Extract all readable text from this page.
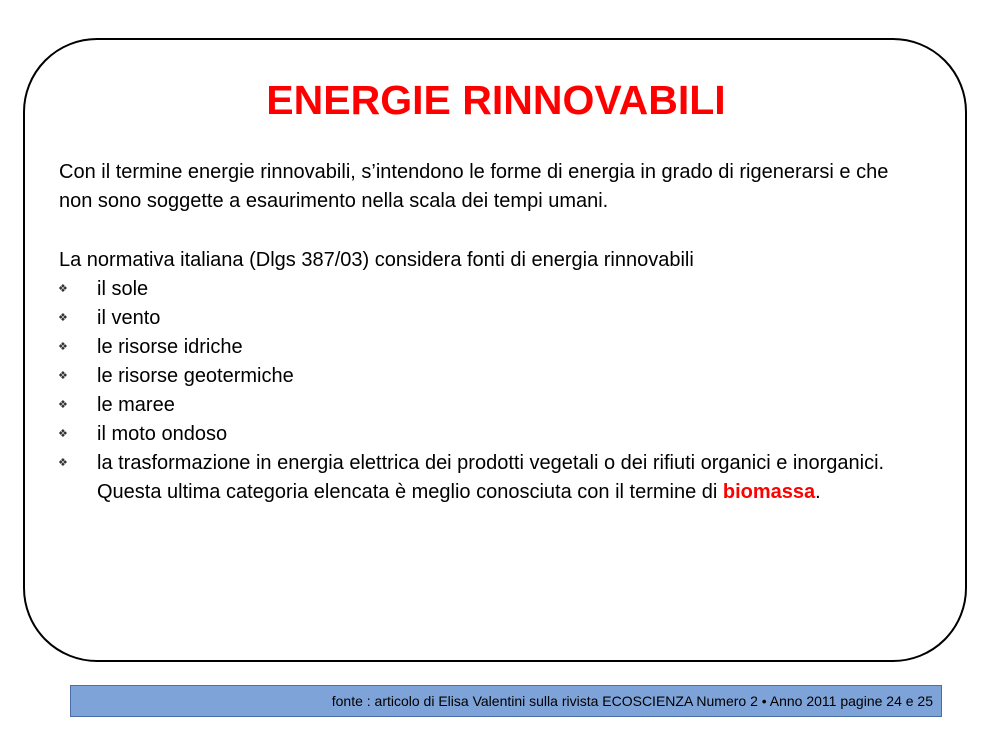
ENERGIE RINNOVABILI

Con il termine energie rinnovabili, s’intendono le forme di energia in grado di rigenerarsi e che non sono soggette a esaurimento nella scala dei tempi umani.

La normativa italiana (Dlgs 387/03) considera fonti di energia rinnovabili

❖ il sole
❖ il vento
❖ le risorse idriche
❖ le risorse geotermiche
❖ le maree
❖ il moto ondoso
❖ la trasformazione in energia elettrica dei prodotti vegetali o dei rifiuti organici e inorganici. Questa ultima categoria elencata è meglio conosciuta con il termine di biomassa.
fonte : articolo di Elisa Valentini sulla rivista ECOSCIENZA Numero 2 • Anno 2011 pagine 24 e 25
